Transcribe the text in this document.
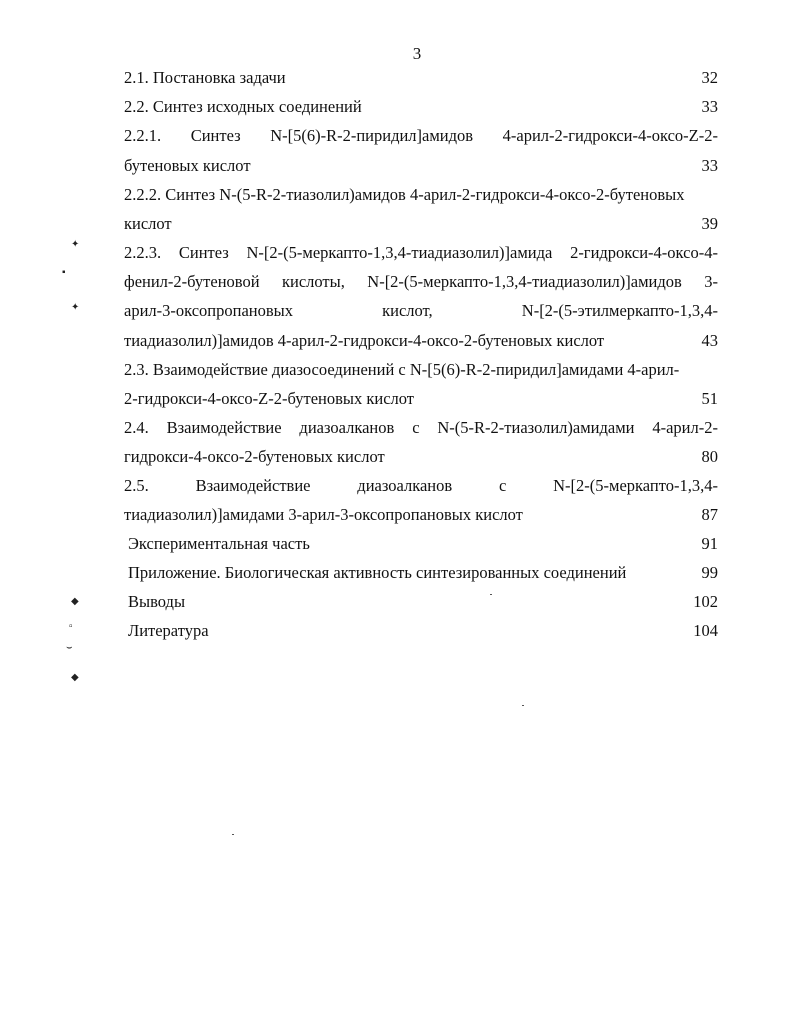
3
2.1. Постановка задачи	32
2.2. Синтез исходных соединений	33
2.2.1. Синтез N-[5(6)-R-2-пиридил]амидов 4-арил-2-гидрокси-4-оксо-Z-2-
бутеновых кислот	33
2.2.2. Синтез N-(5-R-2-тиазолил)амидов 4-арил-2-гидрокси-4-оксо-2-бутеновых
кислот	39
2.2.3. Синтез N-[2-(5-меркапто-1,3,4-тиадиазолил)]амида 2-гидрокси-4-оксо-4-
фенил-2-бутеновой кислоты, N-[2-(5-меркапто-1,3,4-тиадиазолил)]амидов 3-
арил-3-оксопропановых	кислот,	N-[2-(5-этилмеркапто-1,3,4-
тиадиазолил)]амидов 4-арил-2-гидрокси-4-оксо-2-бутеновых кислот	43
2.3. Взаимодействие диазосоединений с N-[5(6)-R-2-пиридил]амидами 4-арил-
2-гидрокси-4-оксо-Z-2-бутеновых кислот	51
2.4. Взаимодействие диазоалканов с N-(5-R-2-тиазолил)амидами 4-арил-2-
гидрокси-4-оксо-2-бутеновых кислот	80
2.5.	Взаимодействие	диазоалканов	с	N-[2-(5-меркапто-1,3,4-
тиадиазолил)]амидами 3-арил-3-оксопропановых кислот	87
Экспериментальная часть	91
Приложение. Биологическая активность синтезированных соединений	99
Выводы	102
Литература	104
✦
▪
✦
◆
▫
⌣
◆
